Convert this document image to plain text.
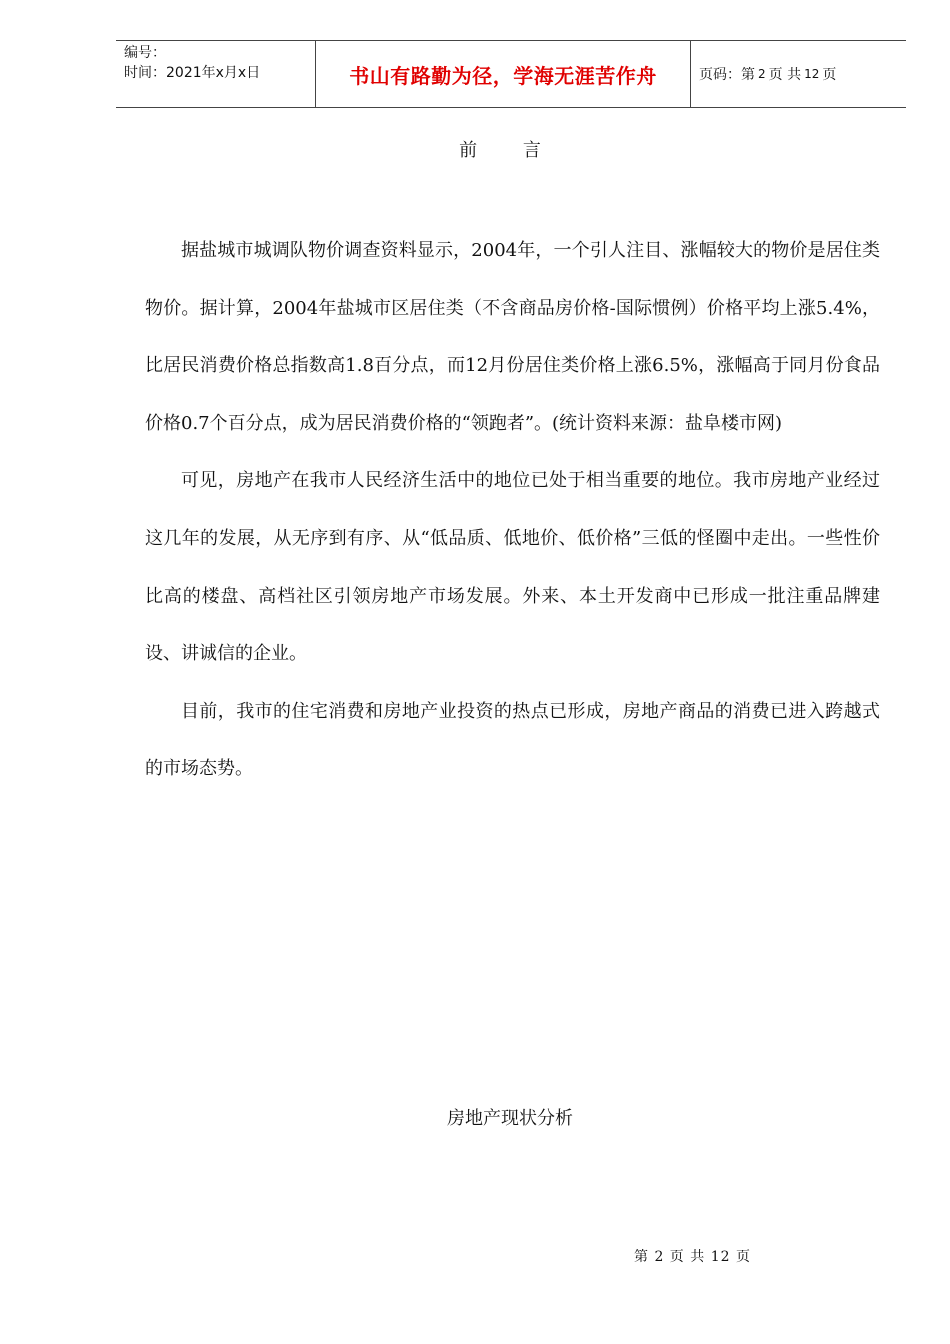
编号：
时间：2021年x月x日	书山有路勤为径，学海无涯苦作舟	页码：第 2 页 共 12 页
前 言

据盐城市城调队物价调查资料显示，2004年，一个引人注目、涨幅较大的物价是居住类物价。据计算，2004年盐城市区居住类（不含商品房价格-国际惯例）价格平均上涨5.4%，比居民消费价格总指数高1.8百分点，而12月份居住类价格上涨6.5%，涨幅高于同月份食品价格0.7个百分点，成为居民消费价格的“领跑者”。(统计资料来源：盐阜楼市网)

可见，房地产在我市人民经济生活中的地位已处于相当重要的地位。我市房地产业经过这几年的发展，从无序到有序、从“低品质、低地价、低价格”三低的怪圈中走出。一些性价比高的楼盘、高档社区引领房地产市场发展。外来、本土开发商中已形成一批注重品牌建设、讲诚信的企业。

目前，我市的住宅消费和房地产业投资的热点已形成，房地产商品的消费已进入跨越式的市场态势。

房地产现状分析
第 2 页 共 12 页
